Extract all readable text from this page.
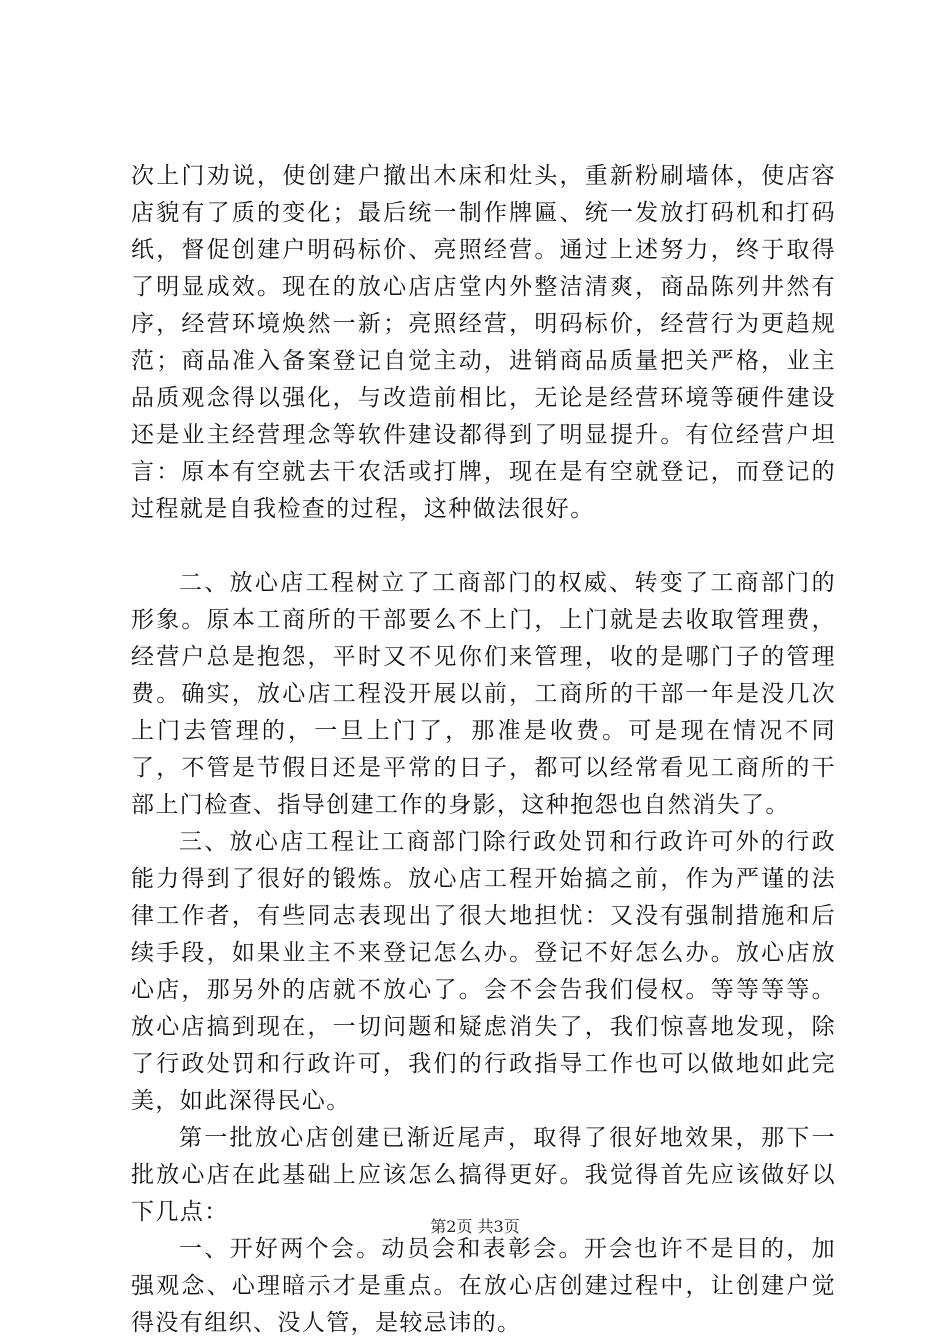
次上门劝说，使创建户撤出木床和灶头，重新粉刷墙体，使店容店貌有了质的变化；最后统一制作牌匾、统一发放打码机和打码纸，督促创建户明码标价、亮照经营。通过上述努力，终于取得了明显成效。现在的放心店店堂内外整洁清爽，商品陈列井然有序，经营环境焕然一新；亮照经营，明码标价，经营行为更趋规范；商品准入备案登记自觉主动，进销商品质量把关严格，业主品质观念得以强化，与改造前相比，无论是经营环境等硬件建设还是业主经营理念等软件建设都得到了明显提升。有位经营户坦言：原本有空就去干农活或打牌，现在是有空就登记，而登记的过程就是自我检查的过程，这种做法很好。

二、放心店工程树立了工商部门的权威、转变了工商部门的形象。原本工商所的干部要么不上门，上门就是去收取管理费，经营户总是抱怨，平时又不见你们来管理，收的是哪门子的管理费。确实，放心店工程没开展以前，工商所的干部一年是没几次上门去管理的，一旦上门了，那准是收费。可是现在情况不同了，不管是节假日还是平常的日子，都可以经常看见工商所的干部上门检查、指导创建工作的身影，这种抱怨也自然消失了。

三、放心店工程让工商部门除行政处罚和行政许可外的行政能力得到了很好的锻炼。放心店工程开始搞之前，作为严谨的法律工作者，有些同志表现出了很大地担忧：又没有强制措施和后续手段，如果业主不来登记怎么办。登记不好怎么办。放心店放心店，那另外的店就不放心了。会不会告我们侵权。等等等等。放心店搞到现在，一切问题和疑虑消失了，我们惊喜地发现，除了行政处罚和行政许可，我们的行政指导工作也可以做地如此完美，如此深得民心。

第一批放心店创建已渐近尾声，取得了很好地效果，那下一批放心店在此基础上应该怎么搞得更好。我觉得首先应该做好以下几点：

一、开好两个会。动员会和表彰会。开会也许不是目的，加强观念、心理暗示才是重点。在放心店创建过程中，让创建户觉得没有组织、没人管，是较忌讳的。

第2页 共3页
